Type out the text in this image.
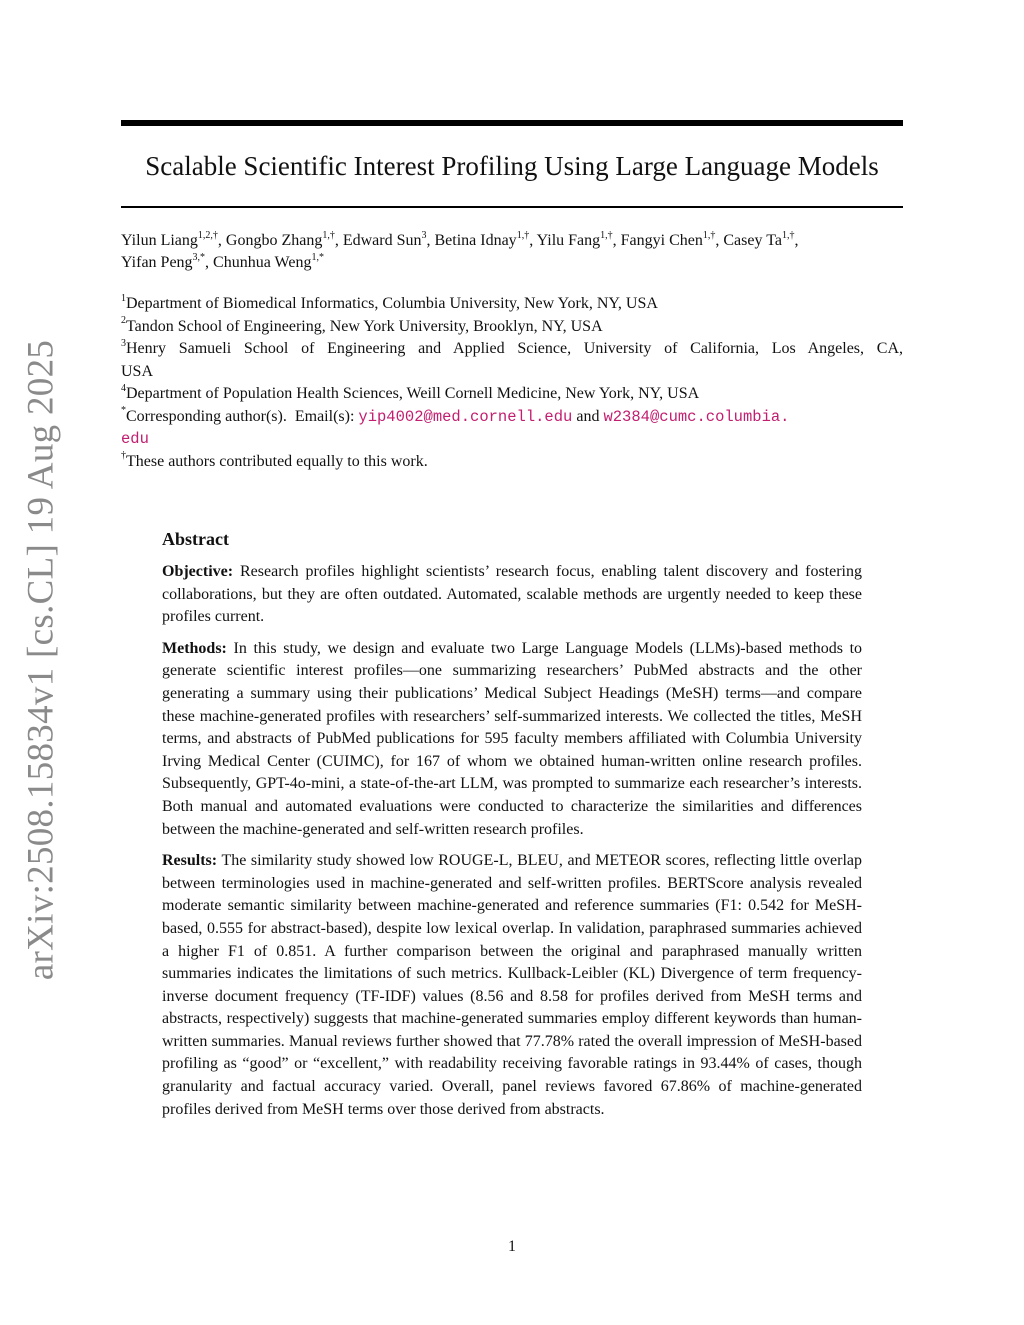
arXiv:2508.15834v1 [cs.CL] 19 Aug 2025
Scalable Scientific Interest Profiling Using Large Language Models
Yilun Liang$^{1,2,\dagger}$, Gongbo Zhang$^{1,\dagger}$, Edward Sun$^3$, Betina Idnay$^{1,\dagger}$, Yilu Fang$^{1,\dagger}$, Fangyi Chen$^{1,\dagger}$, Casey $Ta^{1,\dagger}$,
Yifan Peng$^{3,*}$, Chunhua Weng$^{1,*}$
$^1$Department of Biomedical Informatics, Columbia University, New York, NY, USA
$^2$Tandon School of Engineering, New York University, Brooklyn, NY, USA
$^3$Henry Samueli School of Engineering and Applied Science, University of California, Los Angeles, CA,
USA
$^4$Department of Population Health Sciences, Weill Cornell Medicine, New York, NY, USA
*Corresponding author(s).  Email(s): yip4002@med.cornell.edu and w2384@cumc.columbia.
edu
†These authors contributed equally to this work.
Abstract

Objective: Research profiles highlight scientists’ research focus, enabling talent discovery and fostering collaborations, but they are often outdated. Automated, scalable methods are urgently needed to keep these profiles current.

Methods: In this study, we design and evaluate two Large Language Models (LLMs)-based methods to generate scientific interest profiles—one summarizing researchers’ PubMed abstracts and the other generating a summary using their publications’ Medical Subject Headings (MeSH) terms—and compare these machine-generated profiles with researchers’ self-summarized interests. We collected the titles, MeSH terms, and abstracts of PubMed publications for 595 faculty members affiliated with Columbia University Irving Medical Center (CUIMC), for 167 of whom we obtained human-written online research profiles. Subsequently, GPT-4o-mini, a state-of-the-art LLM, was prompted to summarize each researcher’s interests. Both manual and automated evaluations were conducted to characterize the similarities and differences between the machine-generated and self-written research profiles.

Results: The similarity study showed low ROUGE-L, BLEU, and METEOR scores, reflecting little overlap between terminologies used in machine-generated and self-written profiles. BERTScore analysis revealed moderate semantic similarity between machine-generated and reference summaries (F1: 0.542 for MeSH-based, 0.555 for abstract-based), despite low lexical overlap. In validation, paraphrased summaries achieved a higher F1 of 0.851. A further comparison between the original and paraphrased manually written summaries indicates the limitations of such metrics. Kullback-Leibler (KL) Divergence of term frequency-inverse document frequency (TF-IDF) values (8.56 and 8.58 for profiles derived from MeSH terms and abstracts, respectively) suggests that machine-generated summaries employ different keywords than human-written summaries. Manual reviews further showed that 77.78% rated the overall impression of MeSH-based profiling as “good” or “excellent,” with readability receiving favorable ratings in 93.44% of cases, though granularity and factual accuracy varied. Overall, panel reviews favored 67.86% of machine-generated profiles derived from MeSH terms over those derived from abstracts.

1
